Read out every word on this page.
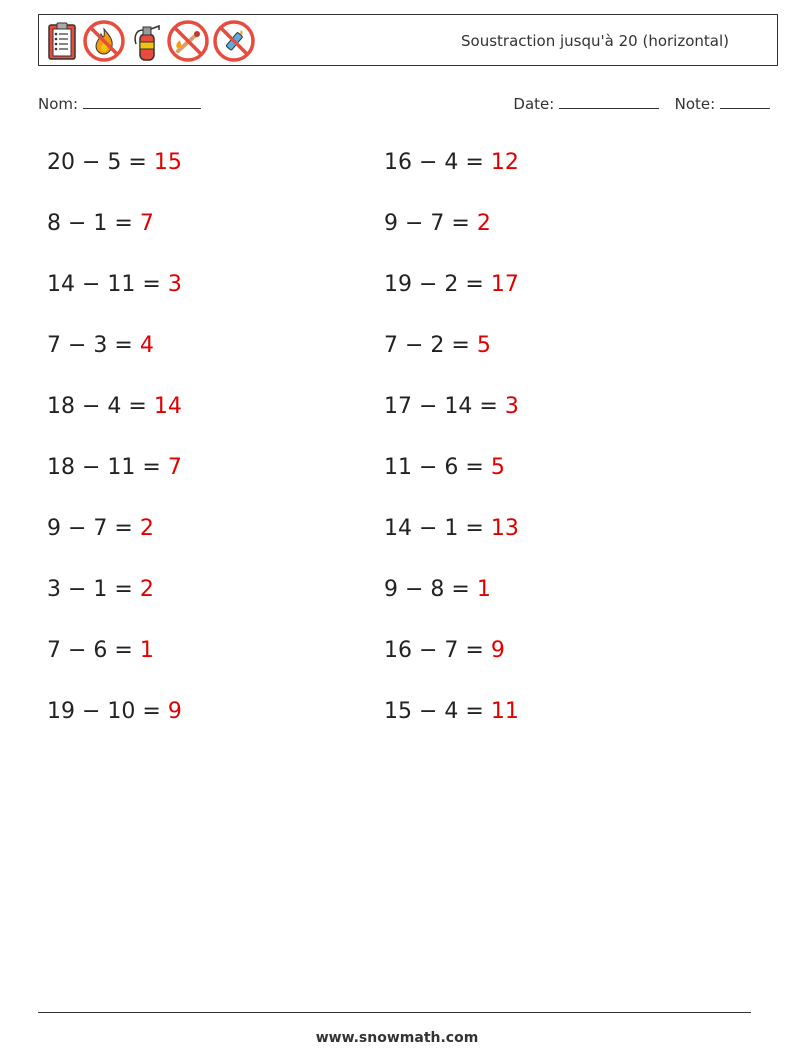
Soustraction jusqu'à 20 (horizontal)
Nom:	Date:	Note:
20 − 5 = 15	16 − 4 = 12
8 − 1 = 7	9 − 7 = 2
14 − 11 = 3	19 − 2 = 17
7 − 3 = 4	7 − 2 = 5
18 − 4 = 14	17 − 14 = 3
18 − 11 = 7	11 − 6 = 5
9 − 7 = 2	14 − 1 = 13
3 − 1 = 2	9 − 8 = 1
7 − 6 = 1	16 − 7 = 9
19 − 10 = 9	15 − 4 = 11
www.snowmath.com
